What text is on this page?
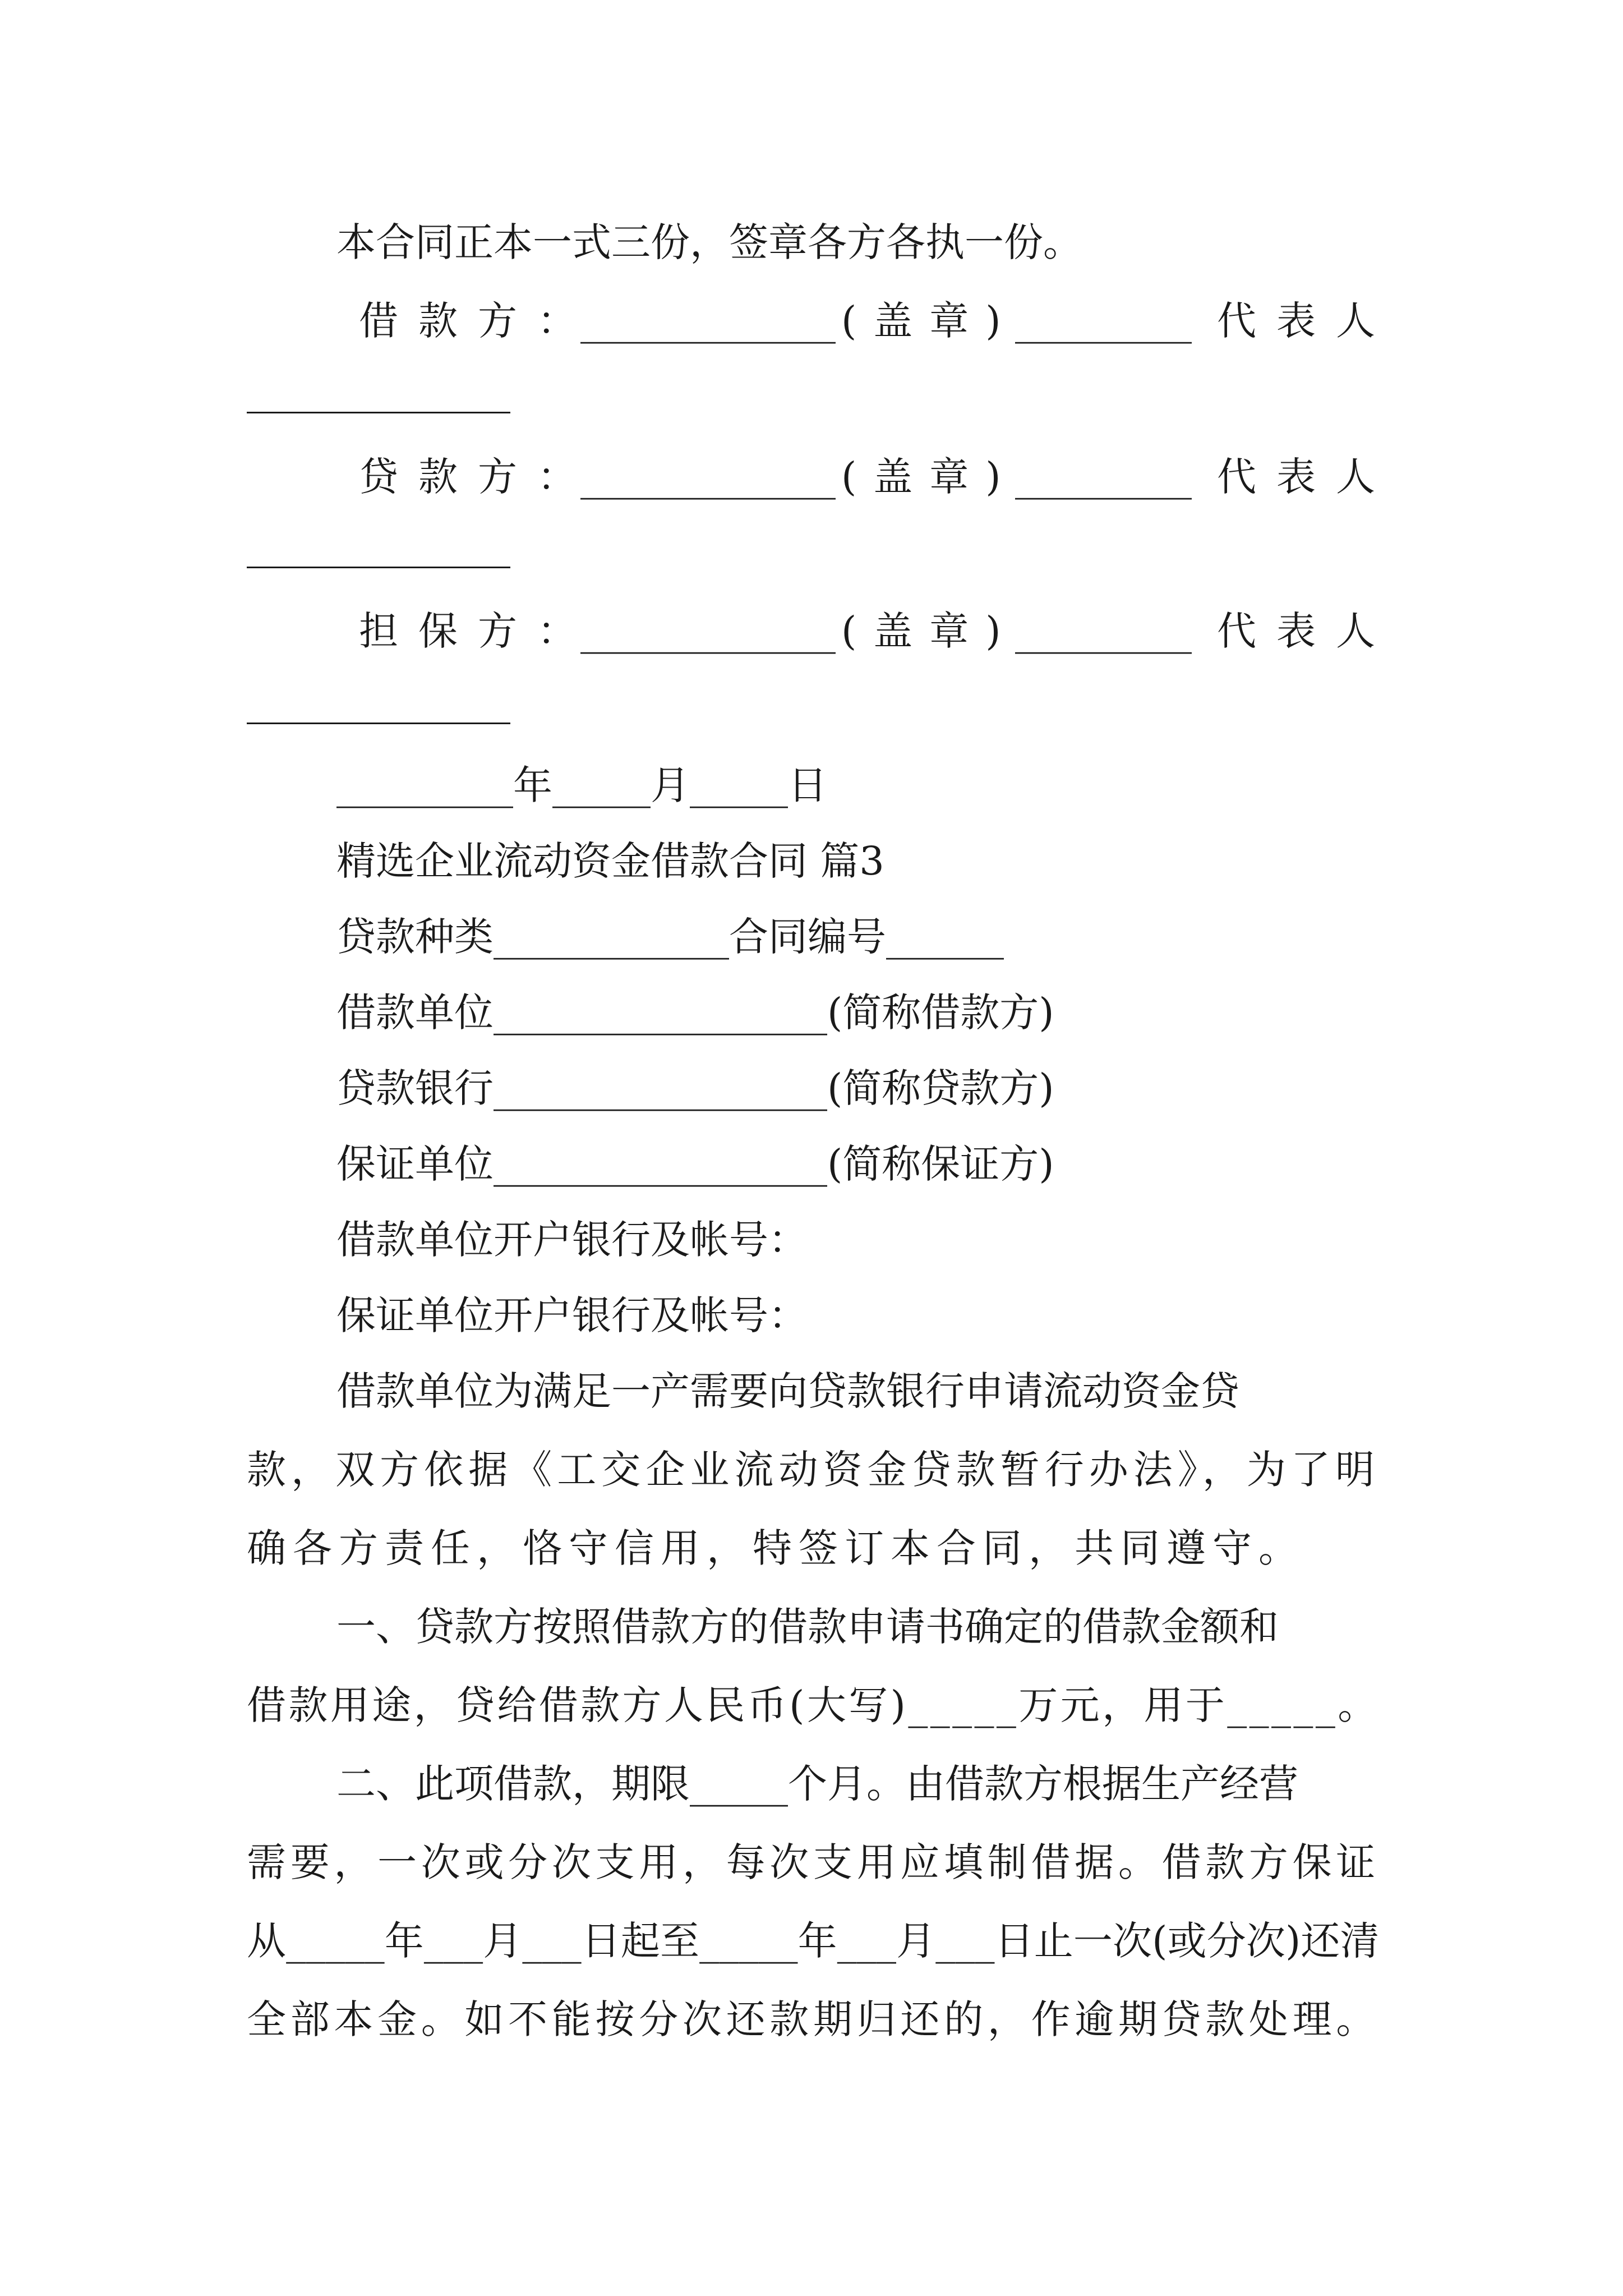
本合同正本一式三份，签章各方各执一份。
借款方：
_____________ (盖章)
_________ 代表人
贷款方：
_____________ (盖章)
_________ 代表人
担保方：
_____________ (盖章)
_________ 代表人
_________年_____月_____日
精选企业流动资金借款合同 篇3
贷款种类____________合同编号______
借款单位_________________(简称借款方)
贷款银行_________________(简称贷款方)
保证单位_________________(简称保证方)
借款单位开户银行及帐号：
保证单位开户银行及帐号：
借款单位为满足一产需要向贷款银行申请流动资金贷
款，双方依据《工交企业流动资金贷款暂行办法》，为了明
确各方责任，恪守信用，特签订本合同，共同遵守。
一、贷款方按照借款方的借款申请书确定的借款金额和
借款用途，贷给借款方人民币(大写)_____万元，用于_____。
二、此项借款，期限_____个月。由借款方根据生产经营
需要，一次或分次支用，每次支用应填制借据。借款方保证
从_____年___月___日起至_____年___月___日止一次(或分次)还清
全部本金。如不能按分次还款期归还的，作逾期贷款处理。
